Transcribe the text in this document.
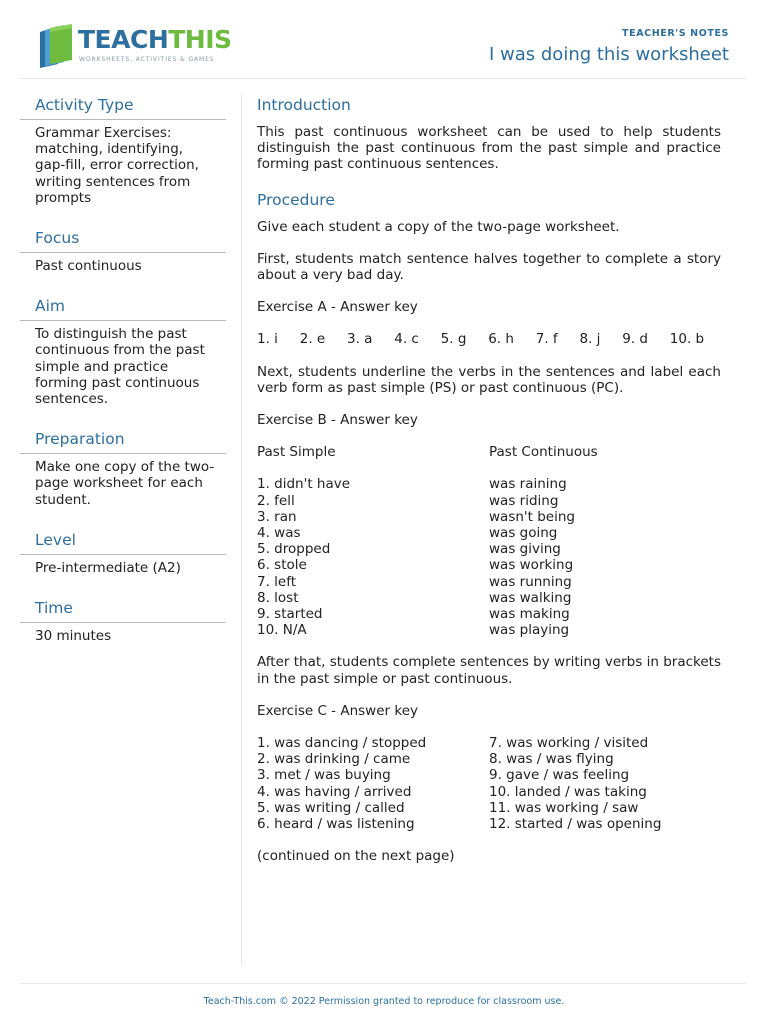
TEACHTHIS
WORKSHEETS, ACTIVITIES & GAMES
TEACHER'S NOTES
I was doing this worksheet
Activity Type
Grammar Exercises: matching, identifying, gap-fill, error correction, writing sentences from prompts
Focus
Past continuous
Aim
To distinguish the past continuous from the past simple and practice forming past continuous sentences.
Preparation
Make one copy of the two-page worksheet for each student.
Level
Pre-intermediate (A2)
Time
30 minutes
Introduction

This past continuous worksheet can be used to help students distinguish the past continuous from the past simple and practice forming past continuous sentences.

Procedure

Give each student a copy of the two-page worksheet.

First, students match sentence halves together to complete a story about a very bad day.

Exercise A - Answer key

1. i 2. e 3. a 4. c 5. g 6. h 7. f 8. j 9. d 10. b

Next, students underline the verbs in the sentences and label each verb form as past simple (PS) or past continuous (PC).

Exercise B - Answer key

Past Simple	Past Continuous
1. didn't have
2. fell
3. ran
4. was
5. dropped
6. stole
7. left
8. lost
9. started
10. N/A
was raining
was riding
wasn't being
was going
was giving
was working
was running
was walking
was making
was playing

After that, students complete sentences by writing verbs in brackets in the past simple or past continuous.

Exercise C - Answer key

1. was dancing / stopped
2. was drinking / came
3. met / was buying
4. was having / arrived
5. was writing / called
6. heard / was listening
7. was working / visited
8. was / was flying
9. gave / was feeling
10. landed / was taking
11. was working / saw
12. started / was opening

(continued on the next page)

Teach-This.com © 2022 Permission granted to reproduce for classroom use.
